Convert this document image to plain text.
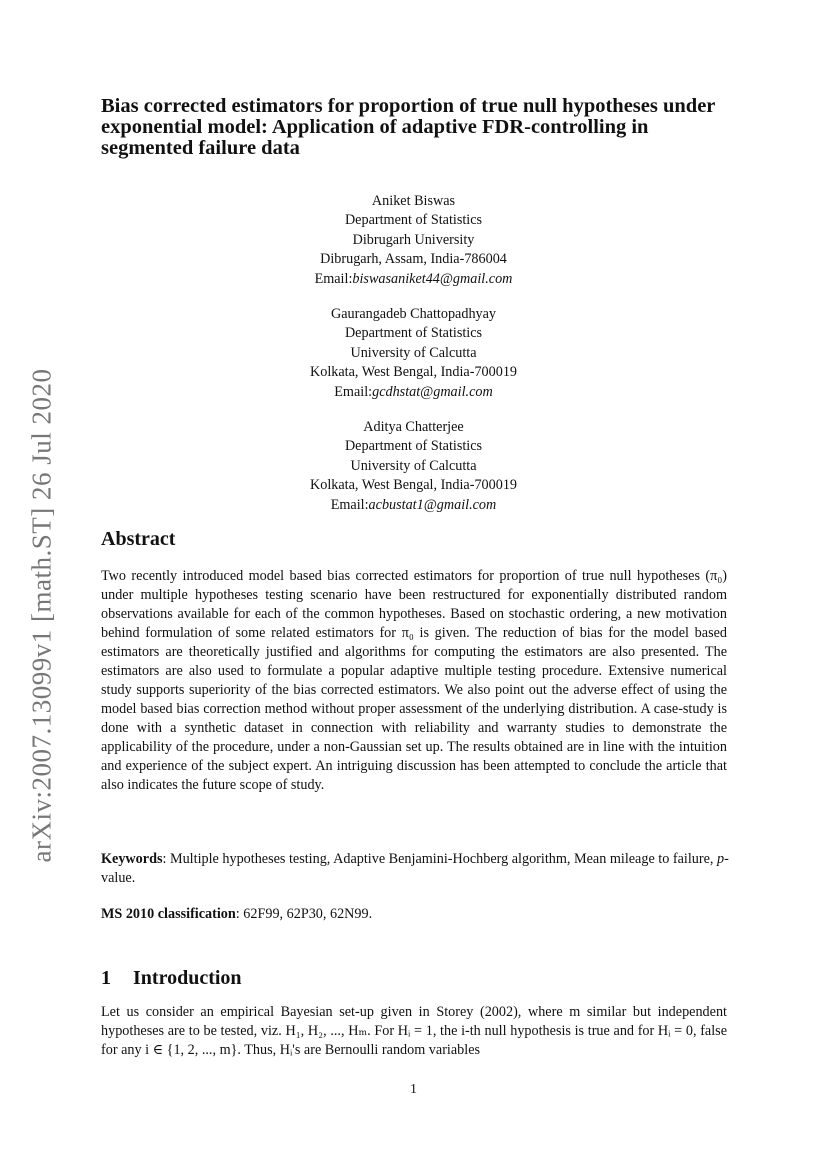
arXiv:2007.13099v1 [math.ST] 26 Jul 2020
Bias corrected estimators for proportion of true null hypotheses under exponential model: Application of adaptive FDR-controlling in segmented failure data
Aniket Biswas
Department of Statistics
Dibrugarh University
Dibrugarh, Assam, India-786004
Email:biswasaniket44@gmail.com
Gaurangadeb Chattopadhyay
Department of Statistics
University of Calcutta
Kolkata, West Bengal, India-700019
Email:gcdhstat@gmail.com
Aditya Chatterjee
Department of Statistics
University of Calcutta
Kolkata, West Bengal, India-700019
Email:acbustat1@gmail.com
Abstract

Two recently introduced model based bias corrected estimators for proportion of true null hypotheses (π₀) under multiple hypotheses testing scenario have been restructured for exponentially distributed random observations available for each of the common hypotheses. Based on stochastic ordering, a new motivation behind formulation of some related estimators for π₀ is given. The reduction of bias for the model based estimators are theoretically justified and algorithms for computing the estimators are also presented. The estimators are also used to formulate a popular adaptive multiple testing procedure. Extensive numerical study supports superiority of the bias corrected estimators. We also point out the adverse effect of using the model based bias correction method without proper assessment of the underlying distribution. A case-study is done with a synthetic dataset in connection with reliability and warranty studies to demonstrate the applicability of the procedure, under a non-Gaussian set up. The results obtained are in line with the intuition and experience of the subject expert. An intriguing discussion has been attempted to conclude the article that also indicates the future scope of study.

Keywords: Multiple hypotheses testing, Adaptive Benjamini-Hochberg algorithm, Mean mileage to failure, p-value.

MS 2010 classification: 62F99, 62P30, 62N99.

1 Introduction

Let us consider an empirical Bayesian set-up given in Storey (2002), where m similar but independent hypotheses are to be tested, viz. H₁, H₂, ..., Hₘ. For Hᵢ = 1, the i-th null hypothesis is true and for Hᵢ = 0, false for any i ∈ {1, 2, ..., m}. Thus, Hᵢ's are Bernoulli random variables

1
